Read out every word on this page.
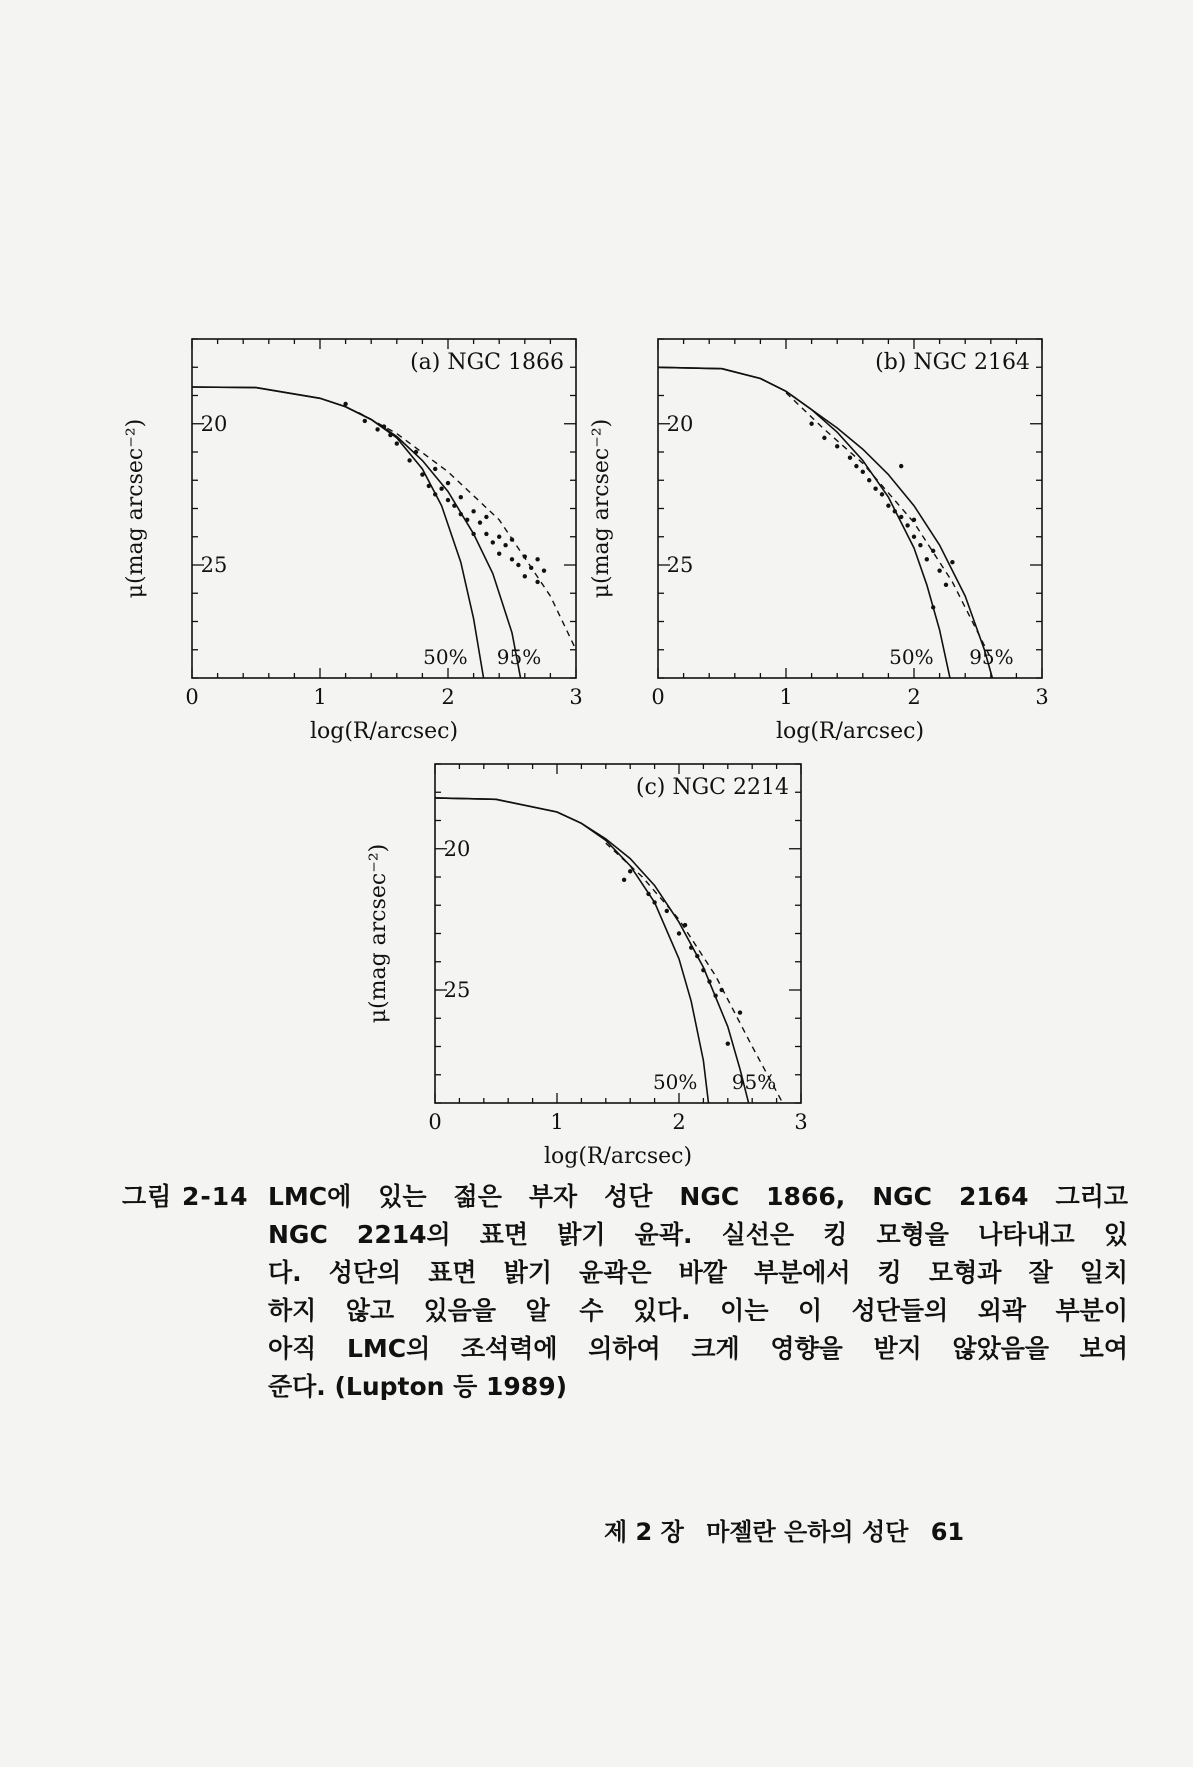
0	1	2	3
20
25
(a) NGC 1866
50% 95%
log(R/arcsec)
μ(mag arcsec⁻²)
0	1	2	3
20
25
(b) NGC 2164
50% 95%
log(R/arcsec)
μ(mag arcsec⁻²)
0	1	2	3
20
25
(c) NGC 2214
50% 95%
log(R/arcsec)
μ(mag arcsec⁻²)
그림 2-14 LMC에 있는 젊은 부자 성단 NGC 1866, NGC 2164 그리고
NGC 2214의 표면 밝기 윤곽. 실선은 킹 모형을 나타내고 있
다. 성단의 표면 밝기 윤곽은 바깥 부분에서 킹 모형과 잘 일치
하지 않고 있음을 알 수 있다. 이는 이 성단들의 외곽 부분이
아직 LMC의 조석력에 의하여 크게 영향을 받지 않았음을 보여
준다. (Lupton 등 1989)
제 2 장 마젤란 은하의 성단 61
